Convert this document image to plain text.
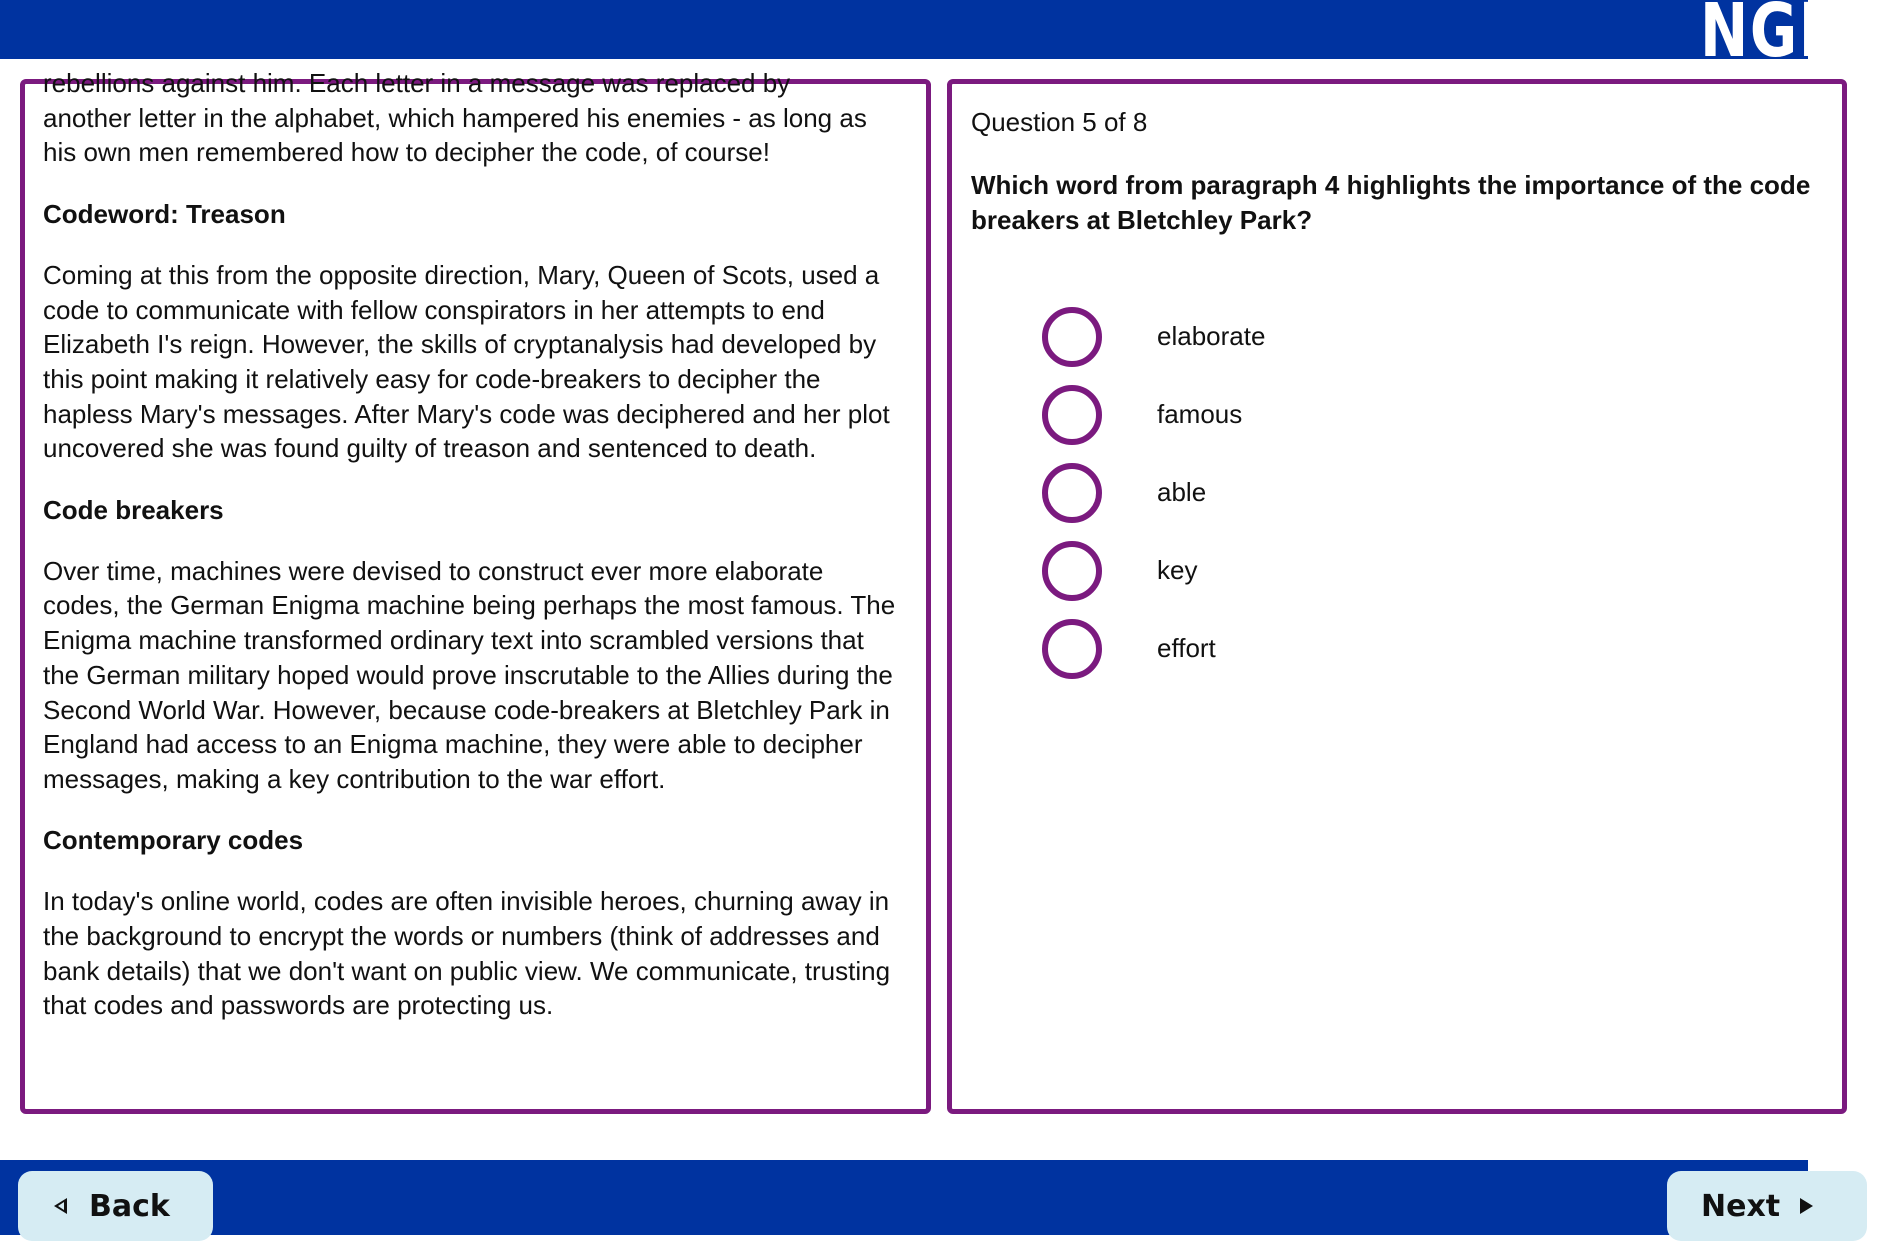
NGRT

rebellions against him. Each letter in a message was replaced by

another letter in the alphabet, which hampered his enemies - as long as his own men remembered how to decipher the code, of course!

Codeword: Treason

Coming at this from the opposite direction, Mary, Queen of Scots, used a code to communicate with fellow conspirators in her attempts to end Elizabeth I's reign. However, the skills of cryptanalysis had developed by this point making it relatively easy for code-breakers to decipher the hapless Mary's messages. After Mary's code was deciphered and her plot uncovered she was found guilty of treason and sentenced to death.

Code breakers

Over time, machines were devised to construct ever more elaborate codes, the German Enigma machine being perhaps the most famous. The Enigma machine transformed ordinary text into scrambled versions that the German military hoped would prove inscrutable to the Allies during the Second World War. However, because code-breakers at Bletchley Park in England had access to an Enigma machine, they were able to decipher messages, making a key contribution to the war effort.

Contemporary codes

In today's online world, codes are often invisible heroes, churning away in the background to encrypt the words or numbers (think of addresses and bank details) that we don't want on public view. We communicate, trusting that codes and passwords are protecting us.

Question 5 of 8
Which word from paragraph 4 highlights the importance of the code breakers at Bletchley Park?
elaborate
famous
able
key
effort
Back	Next
